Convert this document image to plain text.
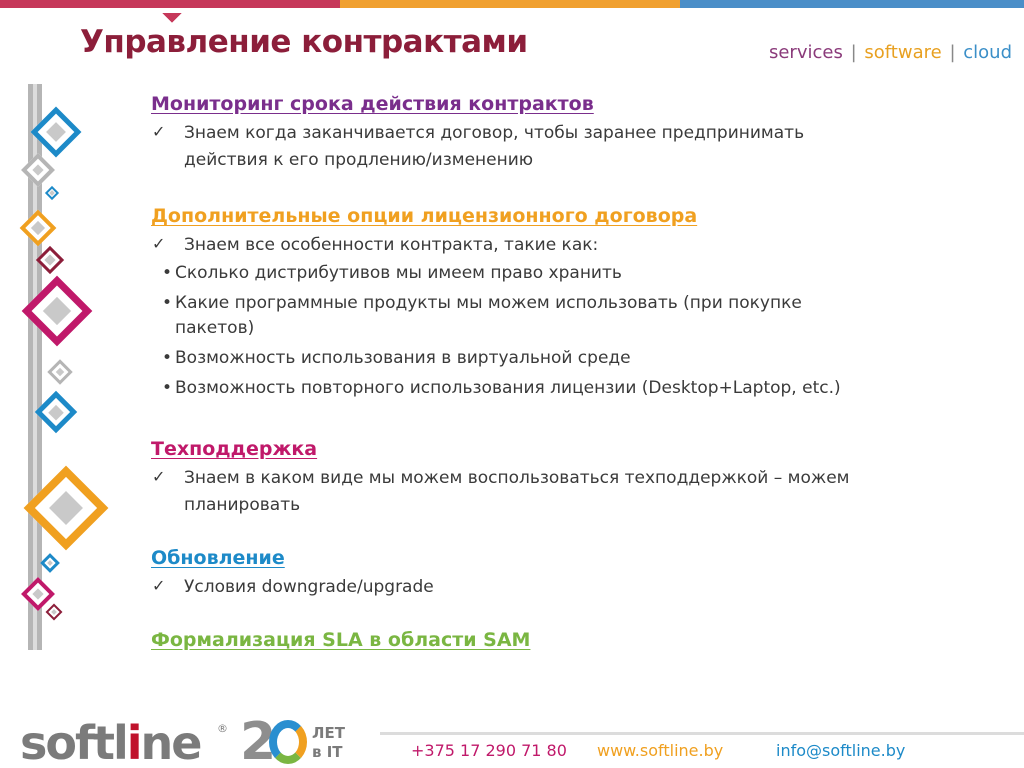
Управление контрактами	services | software | cloud
Мониторинг срока действия контрактов
✓ Знаем когда заканчивается договор, чтобы заранее предпринимать
действия к его продлению/изменению
Дополнительные опции лицензионного договора
✓ Знаем все особенности контракта, такие как:
• Сколько дистрибутивов мы имеем право хранить
• Какие программные продукты мы можем использовать (при покупке
пакетов)
• Возможность использования в виртуальной среде
• Возможность повторного использования лицензии (Desktop+Laptop, etc.)
Техподдержка
✓ Знаем в каком виде мы можем воспользоваться техподдержкой – можем
планировать
Обновление
✓ Условия downgrade/upgrade
Формализация SLA в области SAM
softline ® 2	ЛЕТ
в IT	+375 17 290 71 80 www.softline.by	info@softline.by
